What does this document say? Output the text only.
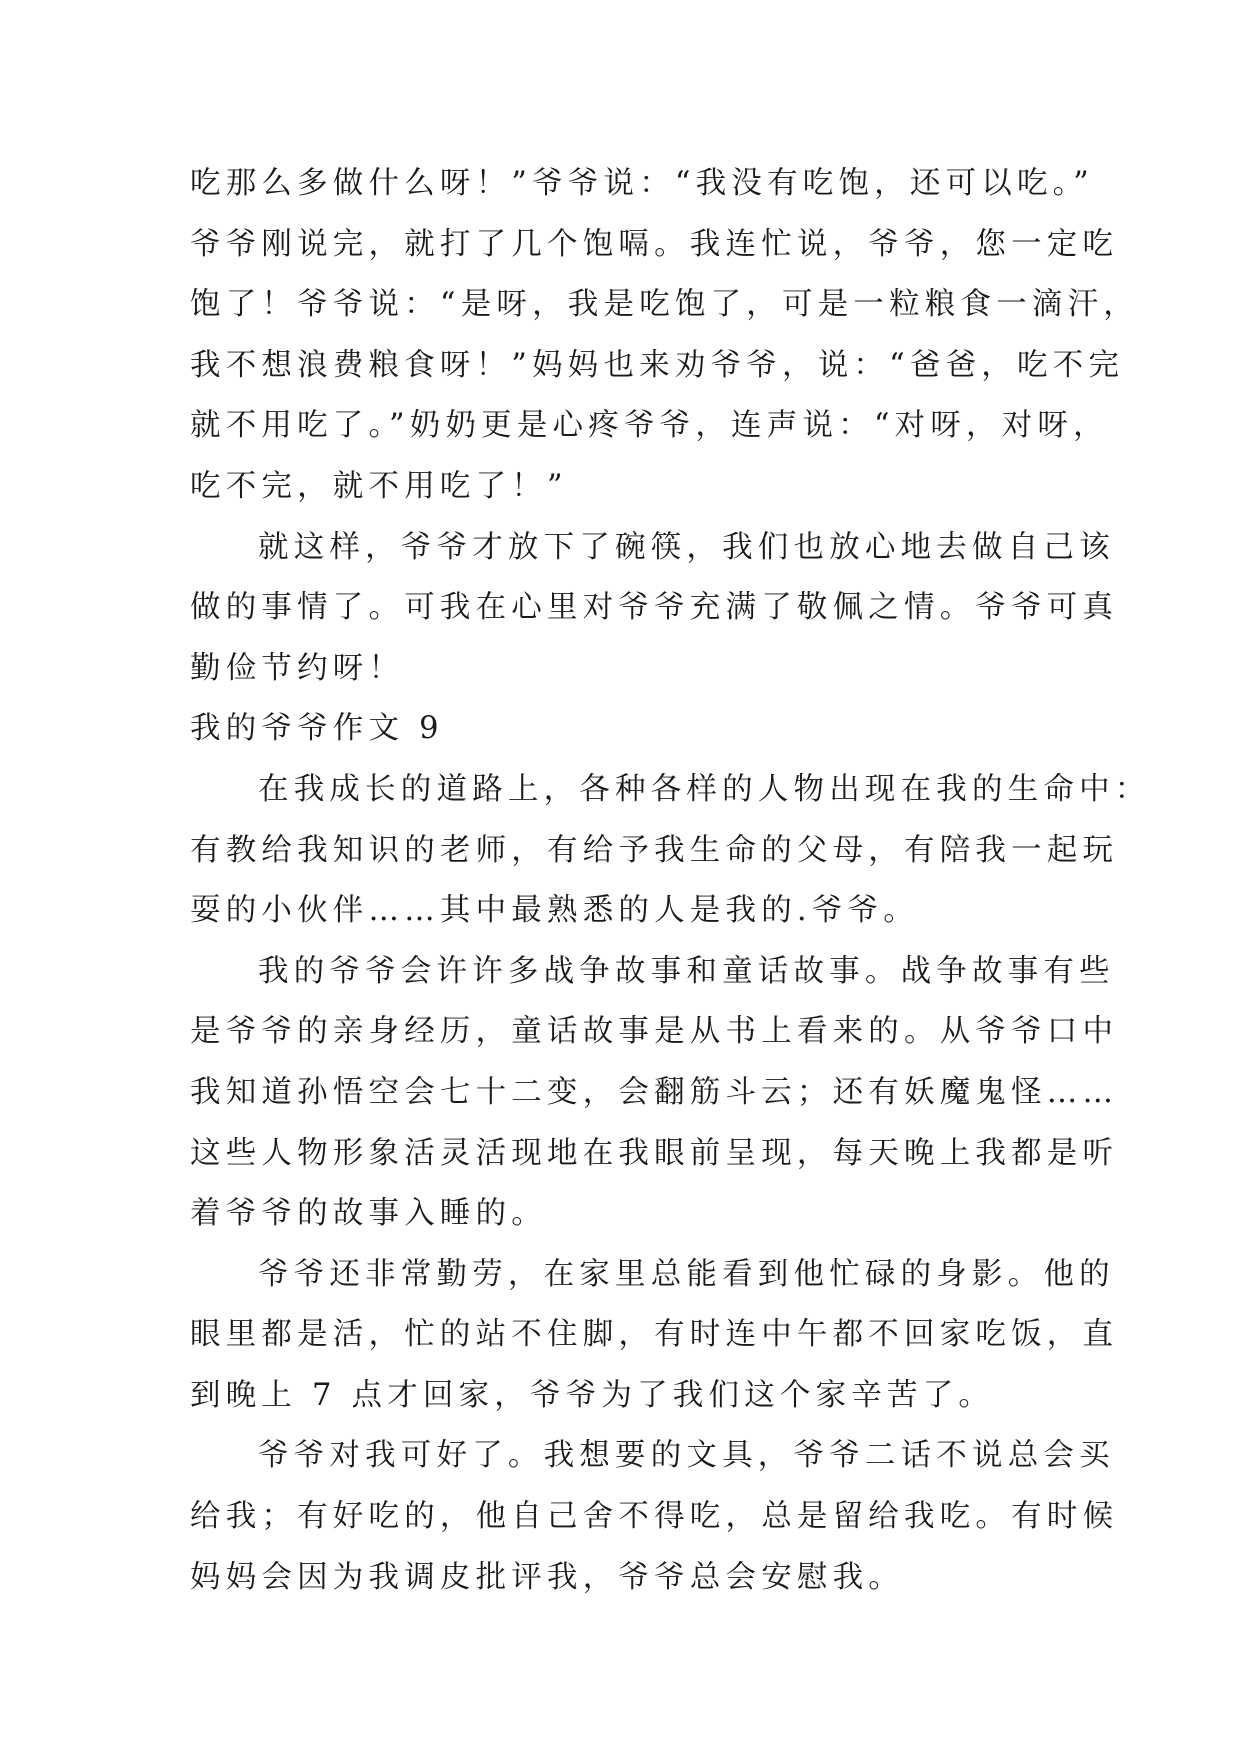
吃那么多做什么呀！”爷爷说：“我没有吃饱，还可以吃。”
爷爷刚说完，就打了几个饱嗝。我连忙说，爷爷，您一定吃
饱了！爷爷说：“是呀，我是吃饱了，可是一粒粮食一滴汗，
我不想浪费粮食呀！”妈妈也来劝爷爷，说：“爸爸，吃不完
就不用吃了。”奶奶更是心疼爷爷，连声说：“对呀，对呀，
吃不完，就不用吃了！”
就这样，爷爷才放下了碗筷，我们也放心地去做自己该
做的事情了。可我在心里对爷爷充满了敬佩之情。爷爷可真
勤俭节约呀！
我的爷爷作文 9
在我成长的道路上，各种各样的人物出现在我的生命中：
有教给我知识的老师，有给予我生命的父母，有陪我一起玩
耍的小伙伴……其中最熟悉的人是我的.爷爷。
我的爷爷会许许多战争故事和童话故事。战争故事有些
是爷爷的亲身经历，童话故事是从书上看来的。从爷爷口中
我知道孙悟空会七十二变，会翻筋斗云；还有妖魔鬼怪……
这些人物形象活灵活现地在我眼前呈现，每天晚上我都是听
着爷爷的故事入睡的。
爷爷还非常勤劳，在家里总能看到他忙碌的身影。他的
眼里都是活，忙的站不住脚，有时连中午都不回家吃饭，直
到晚上 7 点才回家，爷爷为了我们这个家辛苦了。
爷爷对我可好了。我想要的文具，爷爷二话不说总会买
给我；有好吃的，他自己舍不得吃，总是留给我吃。有时候
妈妈会因为我调皮批评我，爷爷总会安慰我。
